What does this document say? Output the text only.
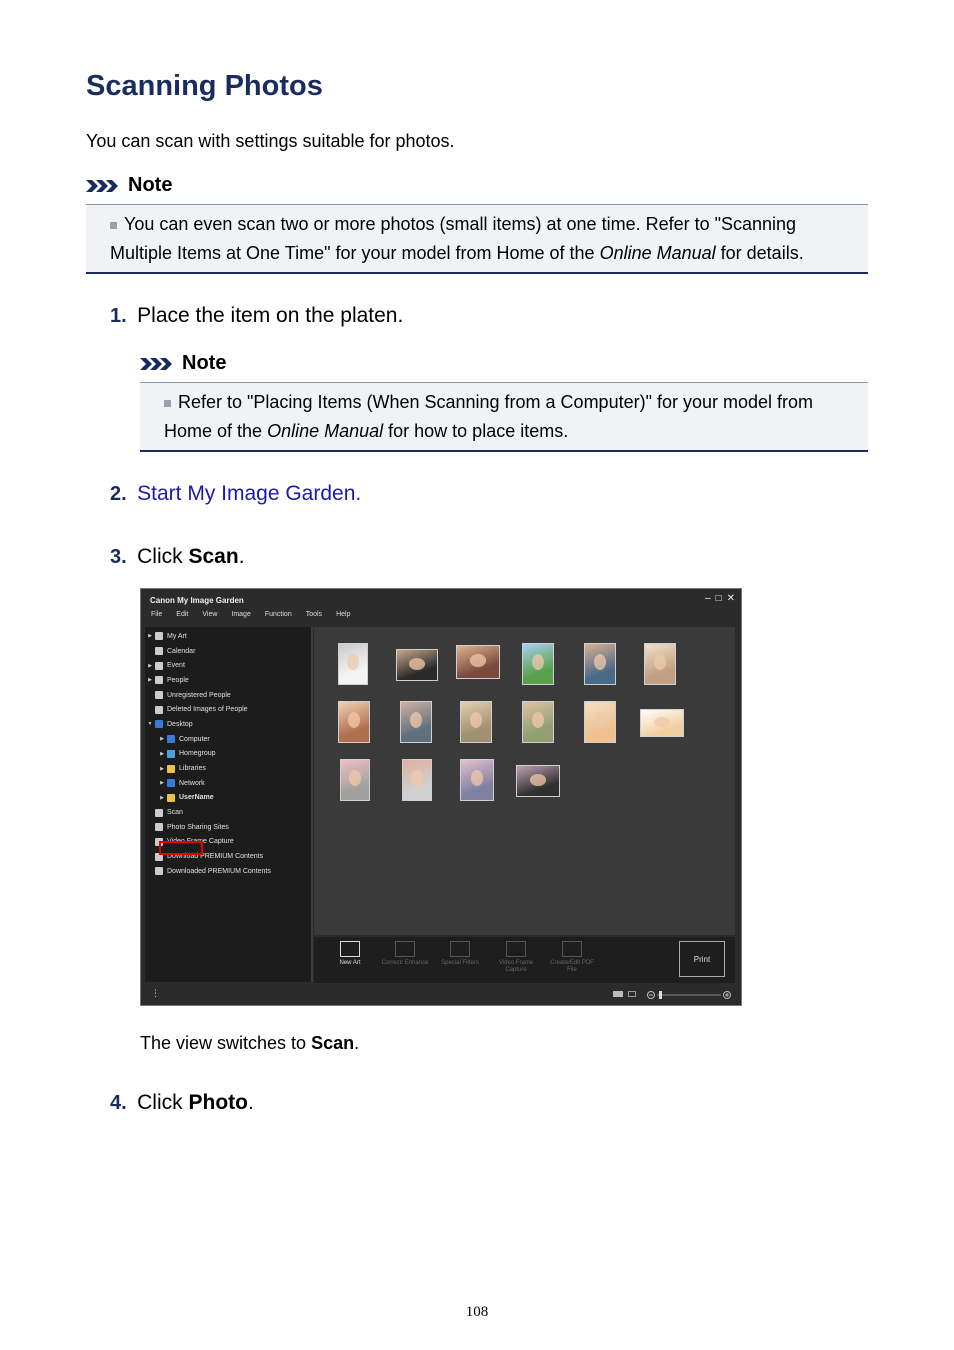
Scanning Photos
You can scan with settings suitable for photos.
Note
You can even scan two or more photos (small items) at one time. Refer to "Scanning Multiple Items at One Time" for your model from Home of the Online Manual for details.
1. Place the item on the platen.
Note
Refer to "Placing Items (When Scanning from a Computer)" for your model from Home of the Online Manual for how to place items.
2. Start My Image Garden.
3. Click Scan.
Canon My Image Garden	– □ ✕
File Edit View Image Function Tools Help
▶	My Art
Calendar
▶	Event
▶	People
Unregistered People
Deleted Images of People
▼	Desktop
▶	Computer
▶	Homegroup
▶	Libraries
▶	Network
▶	UserName
Scan
Photo Sharing Sites
Video Frame Capture
Download PREMIUM Contents
Downloaded PREMIUM Contents
Print
New Art	Correct/ Enhance	Special Filters	Video Frame Capture
Create/Edit PDF File
⋮
The view switches to Scan.
4. Click Photo.
108
